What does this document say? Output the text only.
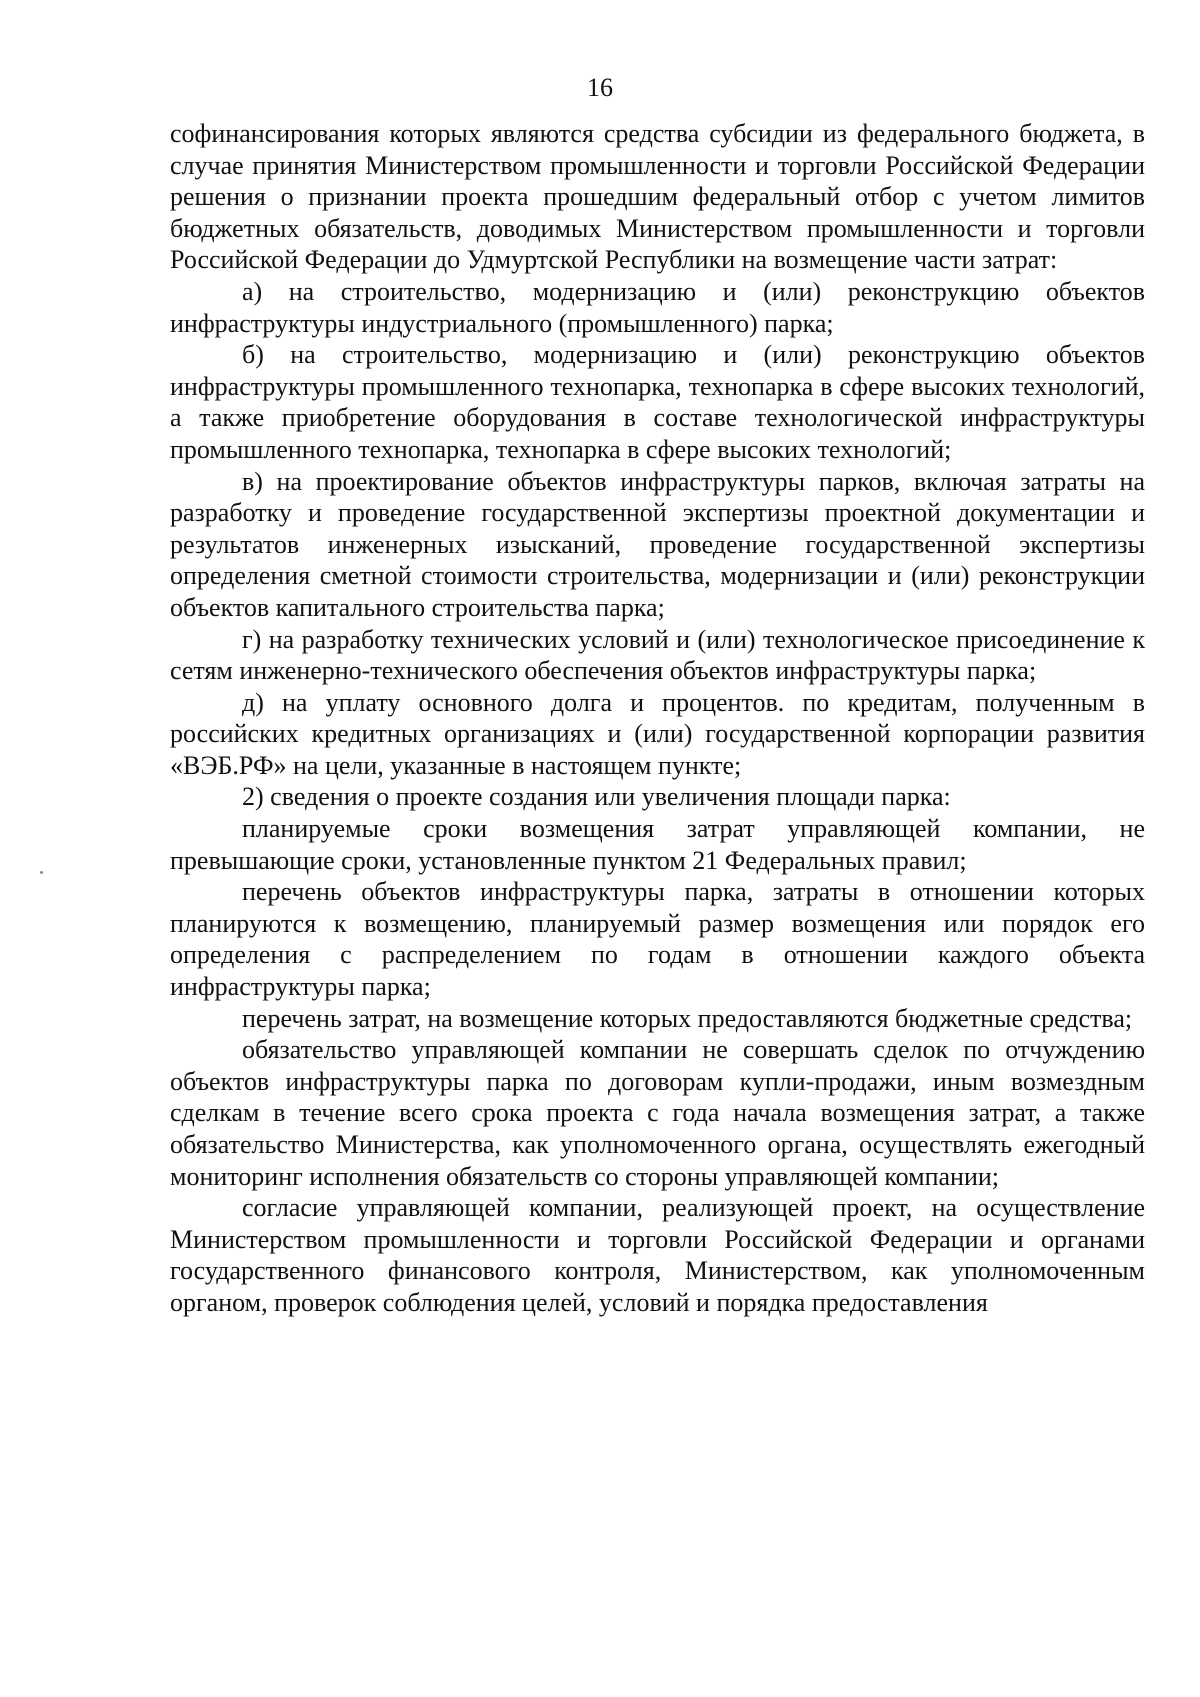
16

софинансирования которых являются средства субсидии из федерального бюджета, в случае принятия Министерством промышленности и торговли Российской Федерации решения о признании проекта прошедшим федеральный отбор с учетом лимитов бюджетных обязательств, доводимых Министерством промышленности и торговли Российской Федерации до Удмуртской Республики на возмещение части затрат:

а) на строительство, модернизацию и (или) реконструкцию объектов инфраструктуры индустриального (промышленного) парка;

б) на строительство, модернизацию и (или) реконструкцию объектов инфраструктуры промышленного технопарка, технопарка в сфере высоких технологий, а также приобретение оборудования в составе технологической инфраструктуры промышленного технопарка, технопарка в сфере высоких технологий;

в) на проектирование объектов инфраструктуры парков, включая затраты на разработку и проведение государственной экспертизы проектной документации и результатов инженерных изысканий, проведение государственной экспертизы определения сметной стоимости строительства, модернизации и (или) реконструкции объектов капитального строительства парка;

г) на разработку технических условий и (или) технологическое присоединение к сетям инженерно-технического обеспечения объектов инфраструктуры парка;

д) на уплату основного долга и процентов. по кредитам, полученным в российских кредитных организациях и (или) государственной корпорации развития «ВЭБ.РФ» на цели, указанные в настоящем пункте;

2) сведения о проекте создания или увеличения площади парка:

планируемые сроки возмещения затрат управляющей компании, не превышающие сроки, установленные пунктом 21 Федеральных правил;

перечень объектов инфраструктуры парка, затраты в отношении которых планируются к возмещению, планируемый размер возмещения или порядок его определения с распределением по годам в отношении каждого объекта инфраструктуры парка;

перечень затрат, на возмещение которых предоставляются бюджетные средства;

обязательство управляющей компании не совершать сделок по отчуждению объектов инфраструктуры парка по договорам купли-продажи, иным возмездным сделкам в течение всего срока проекта с года начала возмещения затрат, а также обязательство Министерства, как уполномоченного органа, осуществлять ежегодный мониторинг исполнения обязательств со стороны управляющей компании;

согласие управляющей компании, реализующей проект, на осуществление Министерством промышленности и торговли Российской Федерации и органами государственного финансового контроля, Министерством, как уполномоченным органом, проверок соблюдения целей, условий и порядка предоставления
